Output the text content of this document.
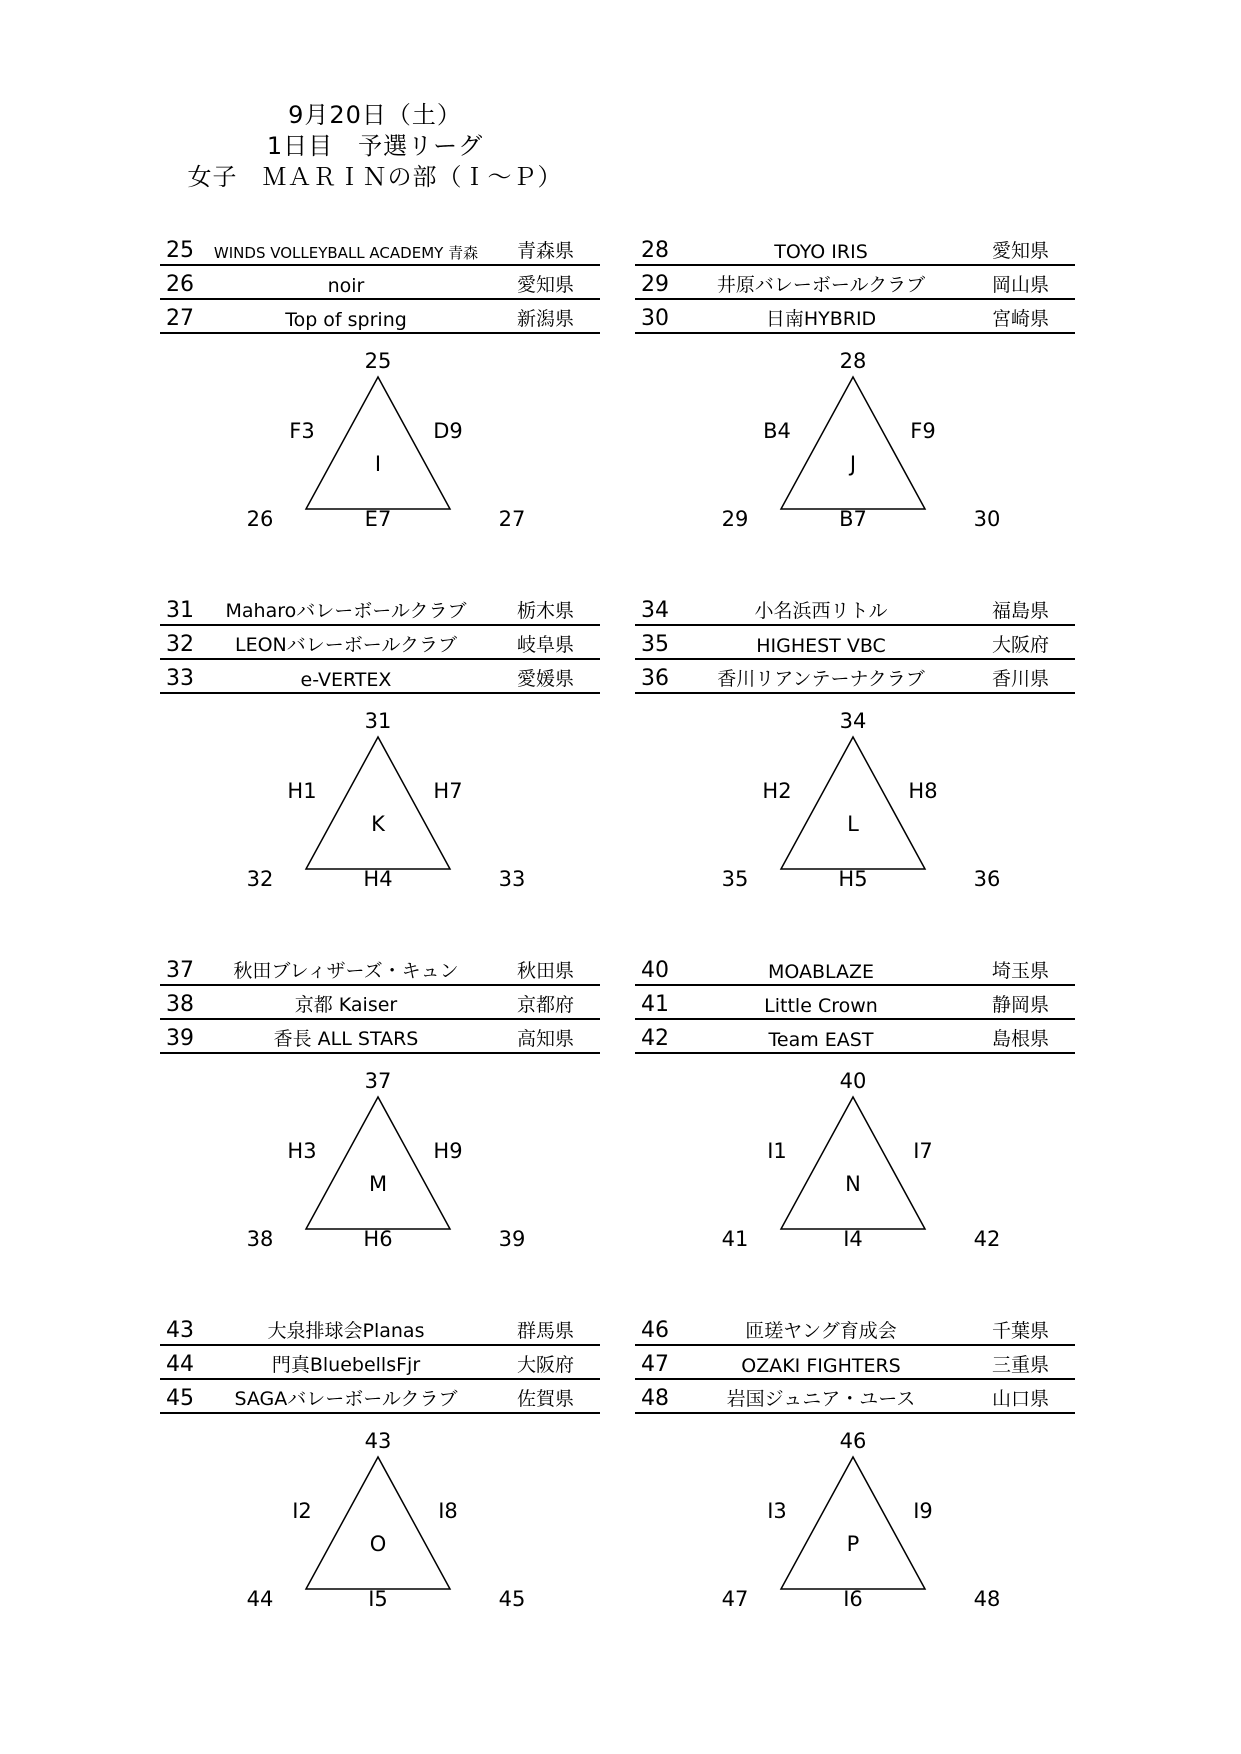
9月20日（土）
1日目　予選リーグ
女子　ＭＡＲＩＮの部（Ｉ～Ｐ）
25	WINDS VOLLEYBALL ACADEMY 青森	青森県
26	noir	愛知県
27	Top of spring	新潟県
25
26	27
F3	D9
E7
I
28	TOYO IRIS	愛知県
29	井原バレーボールクラブ	岡山県
30	日南HYBRID	宮崎県
28
29	30
B4	F9
B7
J
31	Maharoバレーボールクラブ	栃木県
32	LEONバレーボールクラブ	岐阜県
33	e-VERTEX	愛媛県
31
32	33
H1	H7
H4
K
34	小名浜西リトル	福島県
35	HIGHEST VBC	大阪府
36	香川リアンテーナクラブ	香川県
34
35	36
H2	H8
H5
L
37	秋田ブレィザーズ・キュン	秋田県
38	京都 Kaiser	京都府
39	香長 ALL STARS	高知県
37
38	39
H3	H9
H6
M
40	MOABLAZE	埼玉県
41	Little Crown	静岡県
42	Team EAST	島根県
40
41	42
I1	I7
I4
N
43	大泉排球会Planas	群馬県
44	門真BluebellsFjr	大阪府
45	SAGAバレーボールクラブ	佐賀県
43
44	45
I2	I8
I5
O
46	匝瑳ヤング育成会	千葉県
47	OZAKI FIGHTERS	三重県
48	岩国ジュニア・ユース	山口県
46
47	48
I3	I9
I6
P
